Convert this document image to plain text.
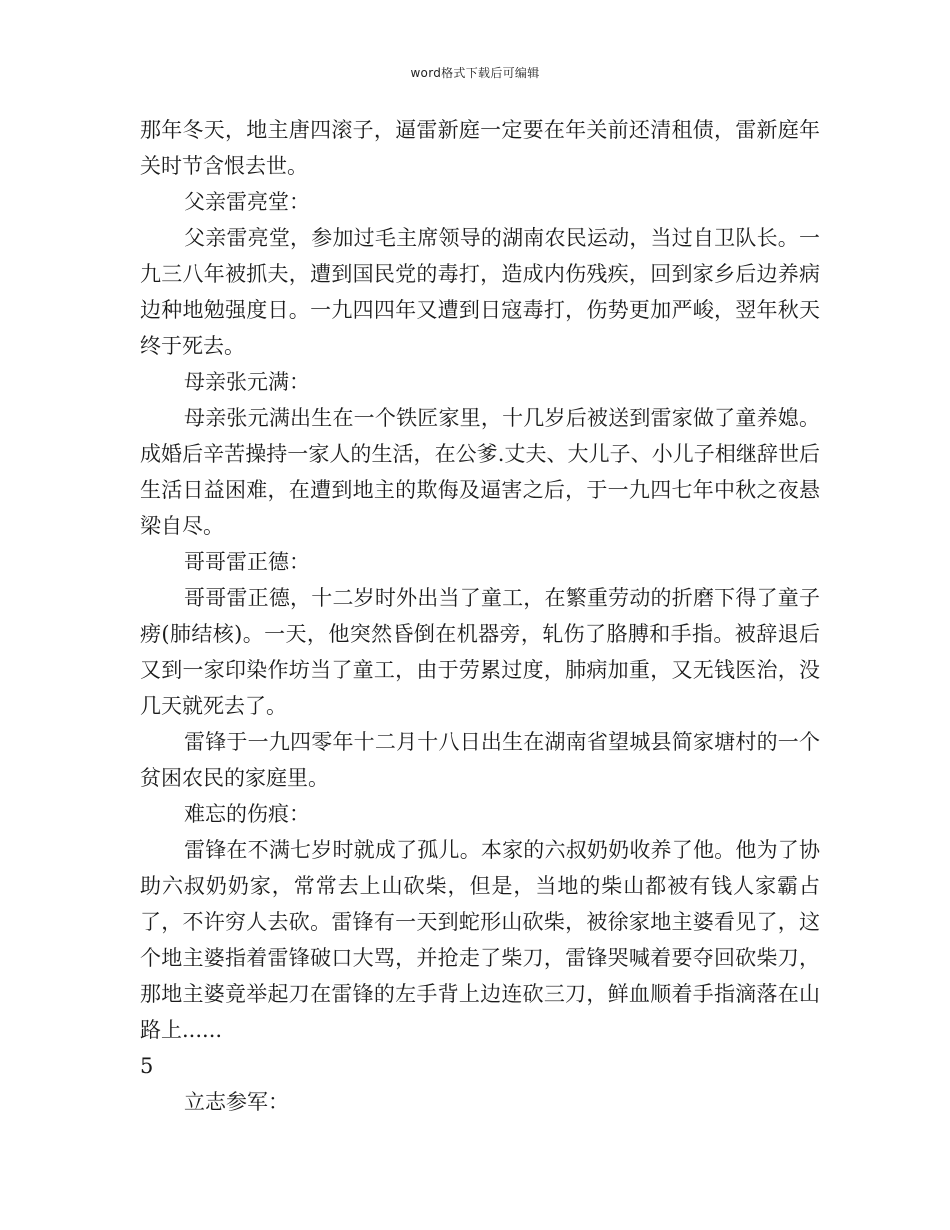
word格式下载后可编辑

那年冬天，地主唐四滚子，逼雷新庭一定要在年关前还清租债，雷新庭年关时节含恨去世。

父亲雷亮堂：

父亲雷亮堂，参加过毛主席领导的湖南农民运动，当过自卫队长。一九三八年被抓夫，遭到国民党的毒打，造成内伤残疾，回到家乡后边养病边种地勉强度日。一九四四年又遭到日寇毒打，伤势更加严峻，翌年秋天终于死去。

母亲张元满：

母亲张元满出生在一个铁匠家里，十几岁后被送到雷家做了童养媳。成婚后辛苦操持一家人的生活，在公爹.丈夫、大儿子、小儿子相继辞世后生活日益困难，在遭到地主的欺侮及逼害之后，于一九四七年中秋之夜悬梁自尽。

哥哥雷正德：

哥哥雷正德，十二岁时外出当了童工，在繁重劳动的折磨下得了童子痨(肺结核)。一天，他突然昏倒在机器旁，轧伤了胳膊和手指。被辞退后又到一家印染作坊当了童工，由于劳累过度，肺病加重，又无钱医治，没几天就死去了。

雷锋于一九四零年十二月十八日出生在湖南省望城县简家塘村的一个贫困农民的家庭里。

难忘的伤痕：

雷锋在不满七岁时就成了孤儿。本家的六叔奶奶收养了他。他为了协助六叔奶奶家，常常去上山砍柴，但是，当地的柴山都被有钱人家霸占了，不许穷人去砍。雷锋有一天到蛇形山砍柴，被徐家地主婆看见了，这个地主婆指着雷锋破口大骂，并抢走了柴刀，雷锋哭喊着要夺回砍柴刀，那地主婆竟举起刀在雷锋的左手背上边连砍三刀，鲜血顺着手指滴落在山路上......

5

立志参军：
